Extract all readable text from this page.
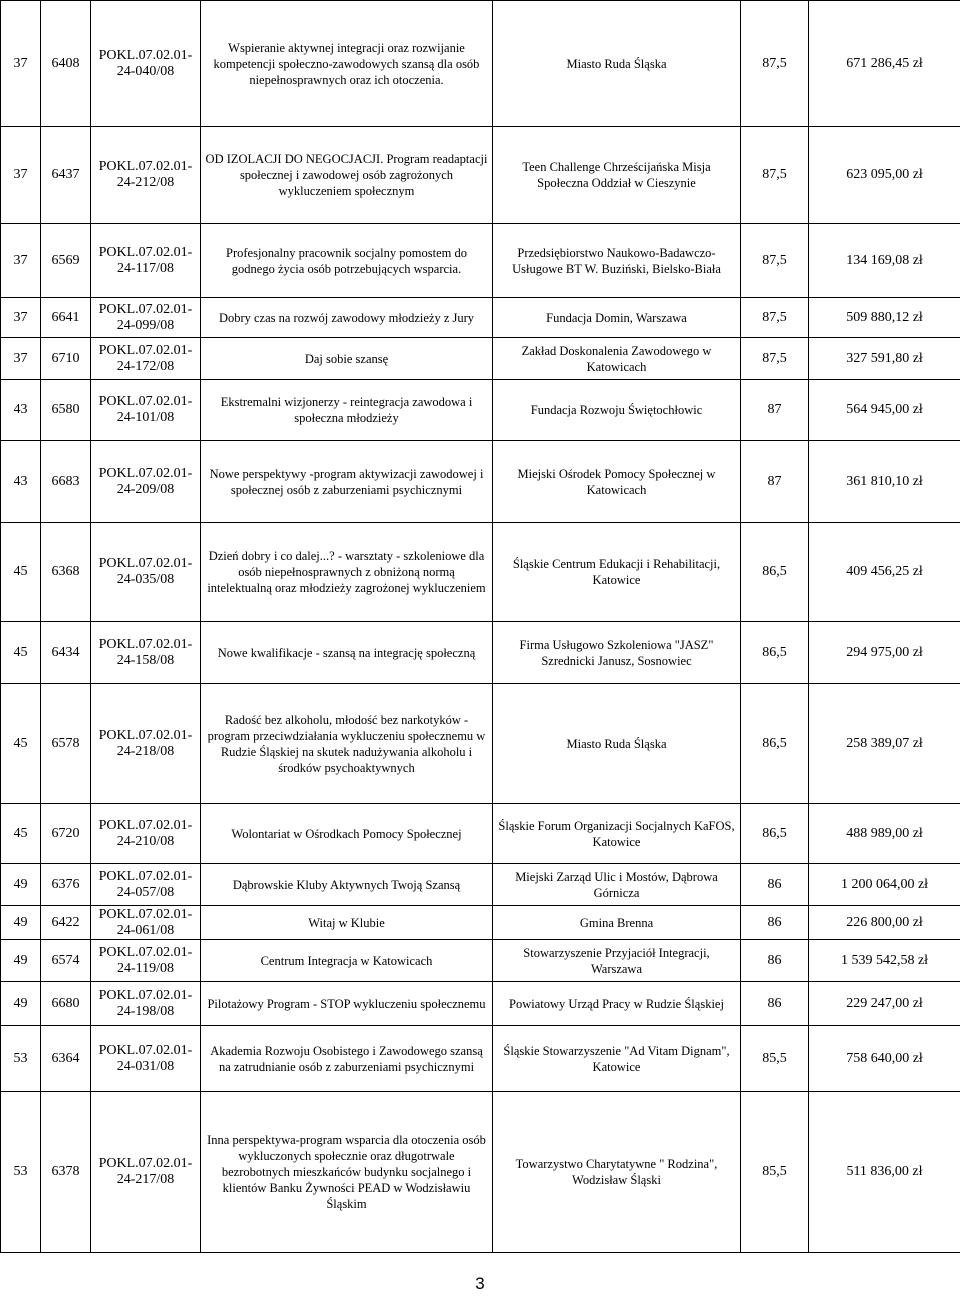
37	6408	POKL.07.02.01-24-040/08	Wspieranie aktywnej integracji oraz rozwijanie kompetencji społeczno-zawodowych szansą dla osób niepełnosprawnych oraz ich otoczenia.	Miasto Ruda Śląska	87,5	671 286,45 zł
37	6437	POKL.07.02.01-24-212/08	OD IZOLACJI DO NEGOCJACJI. Program readaptacji społecznej i zawodowej osób zagrożonych wykluczeniem społecznym	Teen Challenge Chrześcijańska Misja Społeczna Oddział w Cieszynie	87,5	623 095,00 zł
37	6569	POKL.07.02.01-24-117/08	Profesjonalny pracownik socjalny pomostem do godnego życia osób potrzebujących wsparcia.	Przedsiębiorstwo Naukowo-Badawczo-Usługowe BT W. Buziński, Bielsko-Biała	87,5	134 169,08 zł
37	6641	POKL.07.02.01-24-099/08	Dobry czas na rozwój zawodowy młodzieży z Jury	Fundacja Domin, Warszawa	87,5	509 880,12 zł
37	6710	POKL.07.02.01-24-172/08	Daj sobie szansę	Zakład Doskonalenia Zawodowego w Katowicach	87,5	327 591,80 zł
43	6580	POKL.07.02.01-24-101/08	Ekstremalni wizjonerzy - reintegracja zawodowa i społeczna młodzieży	Fundacja Rozwoju Świętochłowic	87	564 945,00 zł
43	6683	POKL.07.02.01-24-209/08	Nowe perspektywy -program aktywizacji zawodowej i społecznej osób z zaburzeniami psychicznymi	Miejski Ośrodek Pomocy Społecznej w Katowicach	87	361 810,10 zł
45	6368	POKL.07.02.01-24-035/08	Dzień dobry i co dalej...? - warsztaty - szkoleniowe dla osób niepełnosprawnych z obniżoną normą intelektualną oraz młodzieży zagrożonej wykluczeniem	Śląskie Centrum Edukacji i Rehabilitacji, Katowice	86,5	409 456,25 zł
45	6434	POKL.07.02.01-24-158/08	Nowe kwalifikacje - szansą na integrację społeczną	Firma Usługowo Szkoleniowa "JASZ" Szrednicki Janusz, Sosnowiec	86,5	294 975,00 zł
45	6578	POKL.07.02.01-24-218/08	Radość bez alkoholu, młodość bez narkotyków - program przeciwdziałania wykluczeniu społecznemu w Rudzie Śląskiej na skutek nadużywania alkoholu i środków psychoaktywnych	Miasto Ruda Śląska	86,5	258 389,07 zł
45	6720	POKL.07.02.01-24-210/08	Wolontariat w Ośrodkach Pomocy Społecznej	Śląskie Forum Organizacji Socjalnych KaFOS, Katowice	86,5	488 989,00 zł
49	6376	POKL.07.02.01-24-057/08	Dąbrowskie Kluby Aktywnych Twoją Szansą	Miejski Zarząd Ulic i Mostów, Dąbrowa Górnicza	86	1 200 064,00 zł
49	6422	POKL.07.02.01-24-061/08	Witaj w Klubie	Gmina Brenna	86	226 800,00 zł
49	6574	POKL.07.02.01-24-119/08	Centrum Integracja w Katowicach	Stowarzyszenie Przyjaciół Integracji, Warszawa	86	1 539 542,58 zł
49	6680	POKL.07.02.01-24-198/08	Pilotażowy Program - STOP wykluczeniu społecznemu	Powiatowy Urząd Pracy w Rudzie Śląskiej	86	229 247,00 zł
53	6364	POKL.07.02.01-24-031/08	Akademia Rozwoju Osobistego i Zawodowego szansą na zatrudnianie osób z zaburzeniami psychicznymi	Śląskie Stowarzyszenie "Ad Vitam Dignam", Katowice	85,5	758 640,00 zł
53	6378	POKL.07.02.01-24-217/08	Inna perspektywa-program wsparcia dla otoczenia osób wykluczonych społecznie oraz długotrwale bezrobotnych mieszkańców budynku socjalnego i klientów Banku Żywności PEAD w Wodzisławiu Śląskim	Towarzystwo Charytatywne " Rodzina", Wodzisław Śląski	85,5	511 836,00 zł
3
